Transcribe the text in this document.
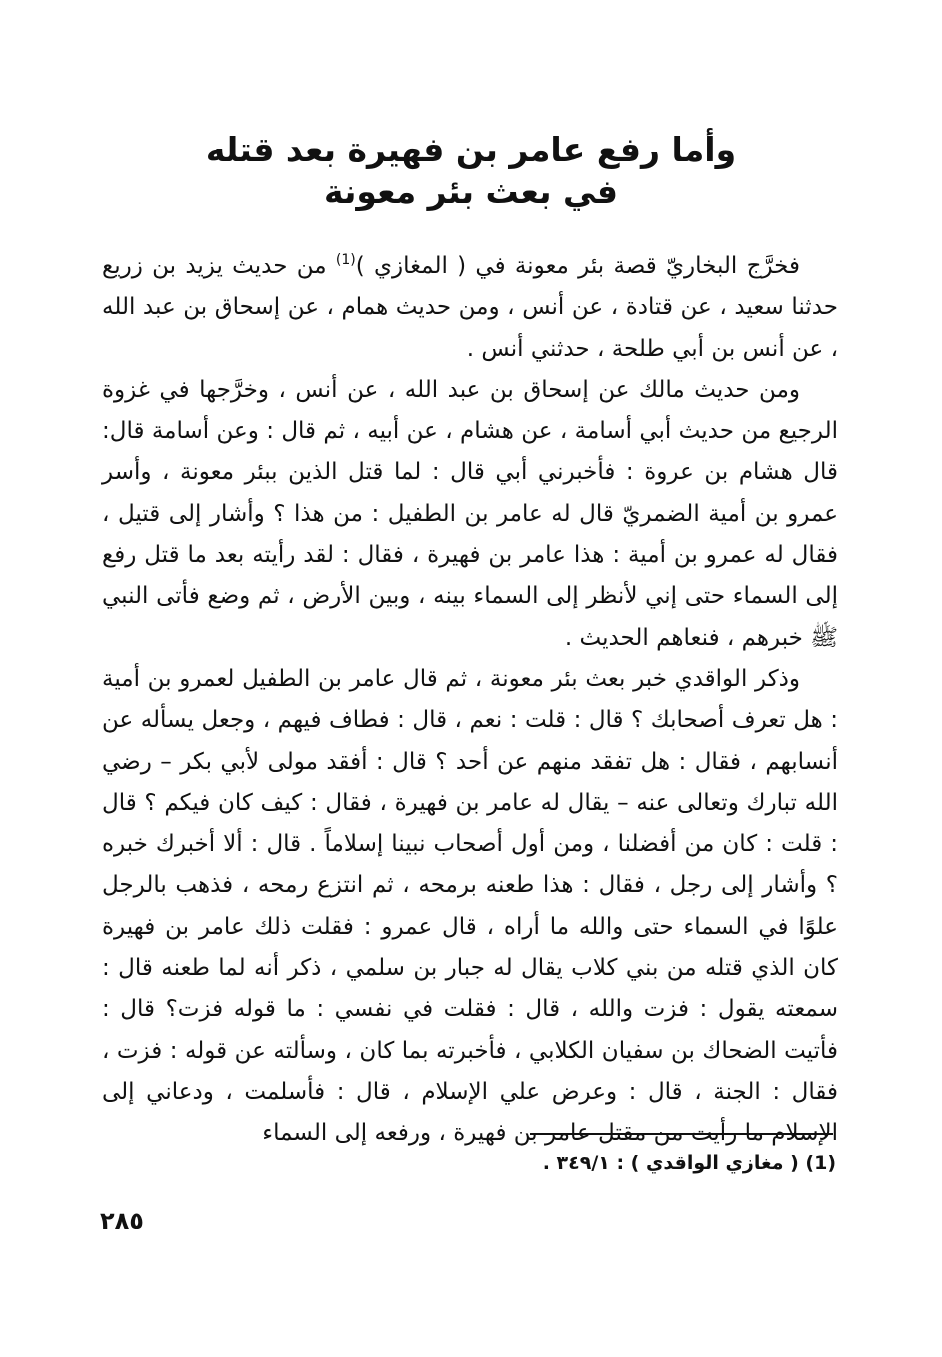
وأما رفع عامر بن فهيرة بعد قتله
في بعث بئر معونة

فخرَّج البخاريّ قصة بئر معونة في ( المغازي )$^{(1)}$ من حديث يزيد بن زريع حدثنا سعيد ، عن قتادة ، عن أنس ، ومن حديث همام ، عن إسحاق بن عبد الله ، عن أنس بن أبي طلحة ، حدثني أنس .

ومن حديث مالك عن إسحاق بن عبد الله ، عن أنس ، وخرَّجها في غزوة الرجيع من حديث أبي أسامة ، عن هشام ، عن أبيه ، ثم قال : وعن أسامة قال: قال هشام بن عروة : فأخبرني أبي قال : لما قتل الذين ببئر معونة ، وأسر عمرو بن أمية الضمريّ قال له عامر بن الطفيل : من هذا ؟ وأشار إلى قتيل ، فقال له عمرو بن أمية : هذا عامر بن فهيرة ، فقال : لقد رأيته بعد ما قتل رفع إلى السماء حتى إني لأنظر إلى السماء بينه ، وبين الأرض ، ثم وضع فأتى النبي ﷺ خبرهم ، فنعاهم الحديث .

وذكر الواقدي خبر بعث بئر معونة ، ثم قال عامر بن الطفيل لعمرو بن أمية : هل تعرف أصحابك ؟ قال : قلت : نعم ، قال : فطاف فيهم ، وجعل يسأله عن أنسابهم ، فقال : هل تفقد منهم عن أحد ؟ قال : أفقد مولى لأبي بكر – رضي الله تبارك وتعالى عنه – يقال له عامر بن فهيرة ، فقال : كيف كان فيكم ؟ قال : قلت : كان من أفضلنا ، ومن أول أصحاب نبينا إسلاماً . قال : ألا أخبرك خبره ؟ وأشار إلى رجل ، فقال : هذا طعنه برمحه ، ثم انتزع رمحه ، فذهب بالرجل علوًا في السماء حتى والله ما أراه ، قال عمرو : فقلت ذلك عامر بن فهيرة كان الذي قتله من بني كلاب يقال له جبار بن سلمي ، ذكر أنه لما طعنه قال : سمعته يقول : فزت والله ، قال : فقلت في نفسي : ما قوله فزت؟ قال : فأتيت الضحاك بن سفيان الكلابي ، فأخبرته بما كان ، وسألته عن قوله : فزت ، فقال : الجنة ، قال : وعرض علي الإسلام ، قال : فأسلمت ، ودعاني إلى الإسلام ما رأيت من مقتل عامر بن فهيرة ، ورفعه إلى السماء

(1) ( مغازي الواقدي ) : ٣٤٩/١ .
٢٨٥
